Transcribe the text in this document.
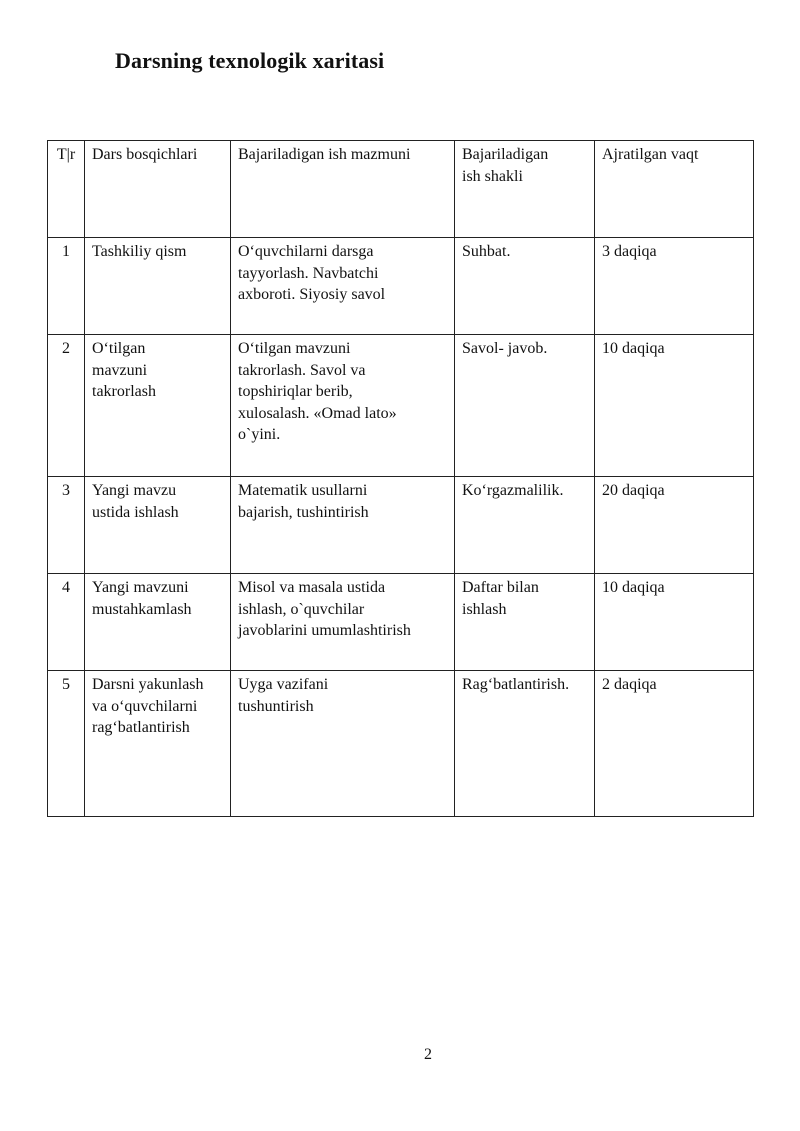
Darsning texnologik xaritasi
T|r	Dars bosqichlari	Bajariladigan ish mazmuni	Bajariladigan
ish shakli	Ajratilgan vaqt
1	Tashkiliy qism	O‘quvchilarni darsga
tayyorlash. Navbatchi
axboroti. Siyosiy savol	Suhbat.	3 daqiqa
2	O‘tilgan
mavzuni
takrorlash	O‘tilgan mavzuni
takrorlash. Savol va
topshiriqlar berib,
xulosalash. «Omad lato»
o`yini.	Savol- javob.	10 daqiqa
3	Yangi mavzu
ustida ishlash	Matematik usullarni
bajarish, tushintirish	Ko‘rgazmalilik.	20 daqiqa
4	Yangi mavzuni
mustahkamlash	Misol va masala ustida
ishlash, o`quvchilar
javoblarini umumlashtirish	Daftar bilan
ishlash	10 daqiqa
5	Darsni yakunlash
va o‘quvchilarni
rag‘batlantirish	Uyga vazifani
tushuntirish	Rag‘batlantirish.	2 daqiqa
2
